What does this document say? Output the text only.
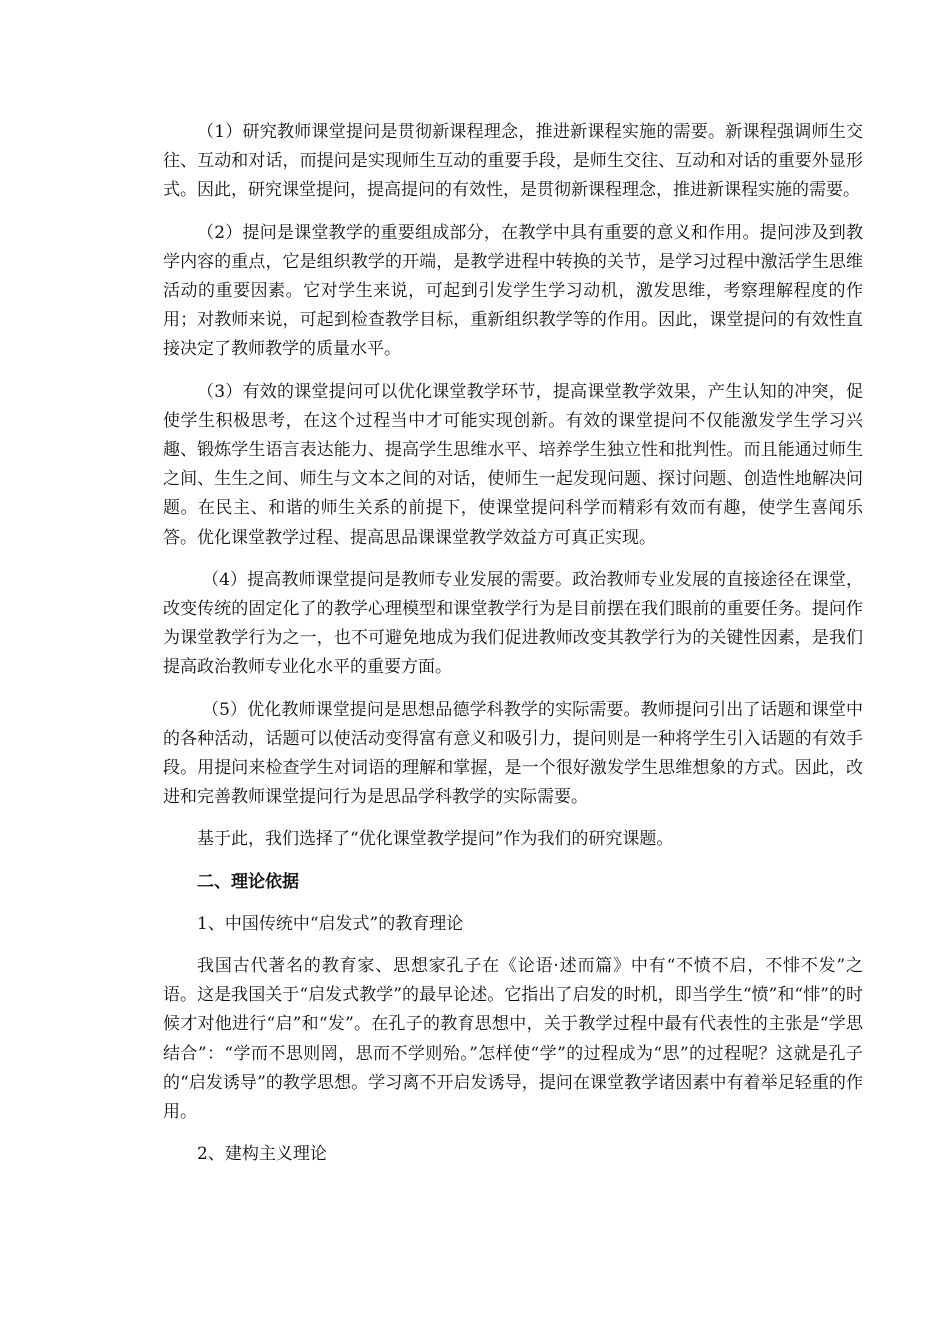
（1）研究教师课堂提问是贯彻新课程理念，推进新课程实施的需要。新课程强调师生交往、互动和对话，而提问是实现师生互动的重要手段，是师生交往、互动和对话的重要外显形式。因此，研究课堂提问，提高提问的有效性，是贯彻新课程理念，推进新课程实施的需要。

（2）提问是课堂教学的重要组成部分，在教学中具有重要的意义和作用。提问涉及到教学内容的重点，它是组织教学的开端，是教学进程中转换的关节，是学习过程中激活学生思维活动的重要因素。它对学生来说，可起到引发学生学习动机，激发思维，考察理解程度的作用；对教师来说，可起到检查教学目标，重新组织教学等的作用。因此，课堂提问的有效性直接决定了教师教学的质量水平。

（3）有效的课堂提问可以优化课堂教学环节，提高课堂教学效果，产生认知的冲突，促使学生积极思考，在这个过程当中才可能实现创新。有效的课堂提问不仅能激发学生学习兴趣、锻炼学生语言表达能力、提高学生思维水平、培养学生独立性和批判性。而且能通过师生之间、生生之间、师生与文本之间的对话，使师生一起发现问题、探讨问题、创造性地解决问题。在民主、和谐的师生关系的前提下，使课堂提问科学而精彩有效而有趣，使学生喜闻乐答。优化课堂教学过程、提高思品课课堂教学效益方可真正实现。

（4）提高教师课堂提问是教师专业发展的需要。政治教师专业发展的直接途径在课堂，改变传统的固定化了的教学心理模型和课堂教学行为是目前摆在我们眼前的重要任务。提问作为课堂教学行为之一，也不可避免地成为我们促进教师改变其教学行为的关键性因素，是我们提高政治教师专业化水平的重要方面。

（5）优化教师课堂提问是思想品德学科教学的实际需要。教师提问引出了话题和课堂中的各种活动，话题可以使活动变得富有意义和吸引力，提问则是一种将学生引入话题的有效手段。用提问来检查学生对词语的理解和掌握，是一个很好激发学生思维想象的方式。因此，改进和完善教师课堂提问行为是思品学科教学的实际需要。

基于此，我们选择了“优化课堂教学提问”作为我们的研究课题。

二、理论依据

1、中国传统中“启发式”的教育理论

我国古代著名的教育家、思想家孔子在《论语·述而篇》中有“不愤不启，不悱不发”之语。这是我国关于“启发式教学”的最早论述。它指出了启发的时机，即当学生“愤”和“悱”的时候才对他进行“启”和“发”。在孔子的教育思想中，关于教学过程中最有代表性的主张是“学思结合”：“学而不思则罔，思而不学则殆。”怎样使“学”的过程成为“思”的过程呢？这就是孔子的“启发诱导”的教学思想。学习离不开启发诱导，提问在课堂教学诸因素中有着举足轻重的作用。

2、建构主义理论
